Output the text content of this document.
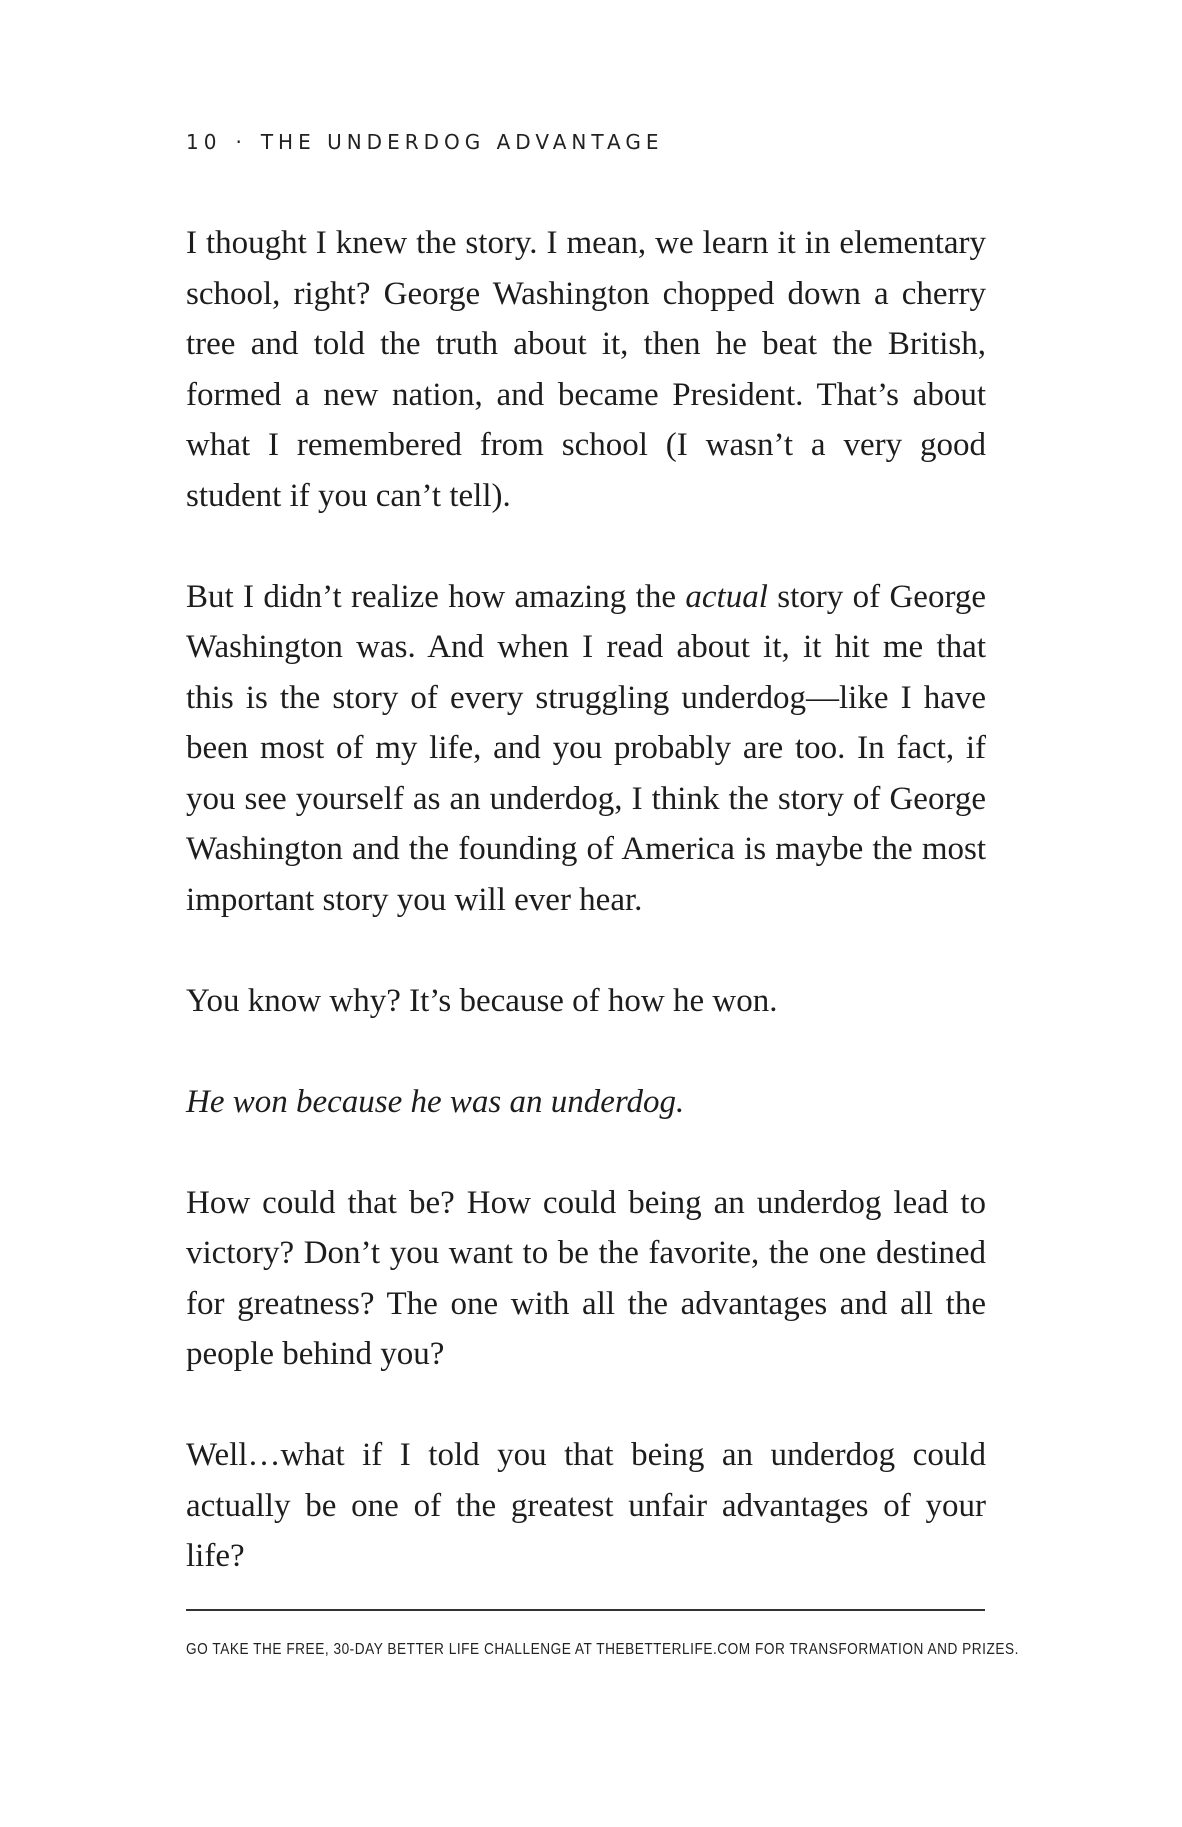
10 · THE UNDERDOG ADVANTAGE

I thought I knew the story. I mean, we learn it in elementary school, right? George Washington chopped down a cherry tree and told the truth about it, then he beat the British, formed a new nation, and became President. That’s about what I remembered from school (I wasn’t a very good student if you can’t tell).

But I didn’t realize how amazing the actual story of George Washington was. And when I read about it, it hit me that this is the story of every struggling underdog—like I have been most of my life, and you probably are too. In fact, if you see yourself as an underdog, I think the story of George Washington and the founding of America is maybe the most important story you will ever hear.

You know why? It’s because of how he won.

He won because he was an underdog.

How could that be? How could being an underdog lead to victory? Don’t you want to be the favorite, the one destined for greatness? The one with all the advantages and all the people behind you?

Well…what if I told you that being an underdog could actually be one of the greatest unfair advantages of your life?

GO TAKE THE FREE, 30-DAY BETTER LIFE CHALLENGE AT THEBETTERLIFE.COM FOR TRANSFORMATION AND PRIZES.
